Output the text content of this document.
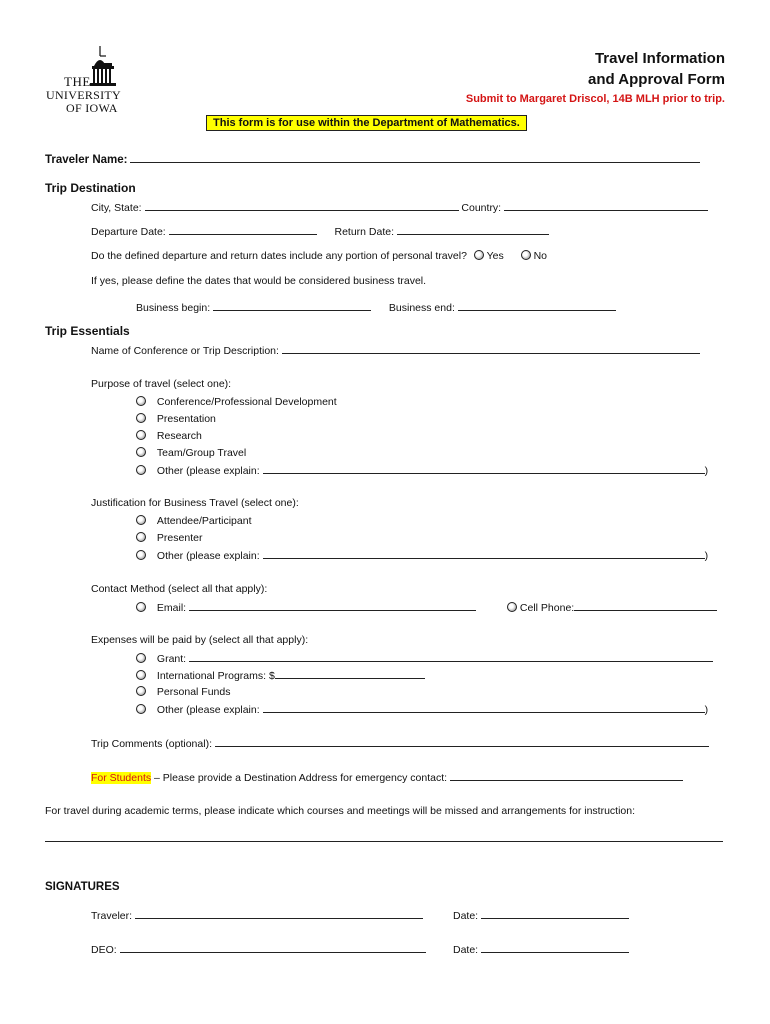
THE
UNIVERSITY
OF IOWA
Travel Information
and Approval Form
Submit to Margaret Driscol, 14B MLH prior to trip.
This form is for use within the Department of Mathematics.
Traveler Name:
Trip Destination
City, State:	Country:
Departure Date:	Return Date:
Do the defined departure and return dates include any portion of personal travel? Yes	No
If yes, please define the dates that would be considered business travel.
Business begin:	Business end:
Trip Essentials
Name of Conference or Trip Description:
Purpose of travel (select one):
Conference/Professional Development
Presentation
Research
Team/Group Travel
Other (please explain:	)
Justification for Business Travel (select one):
Attendee/Participant
Presenter
Other (please explain:	)
Contact Method (select all that apply):
Email:	Cell Phone:
Expenses will be paid by (select all that apply):
Grant:
International Programs: $
Personal Funds
Other (please explain:	)
Trip Comments (optional):
For Students – Please provide a Destination Address for emergency contact:
For travel during academic terms, please indicate which courses and meetings will be missed and arrangements for instruction:
SIGNATURES
Traveler:	Date:
DEO:	Date:
